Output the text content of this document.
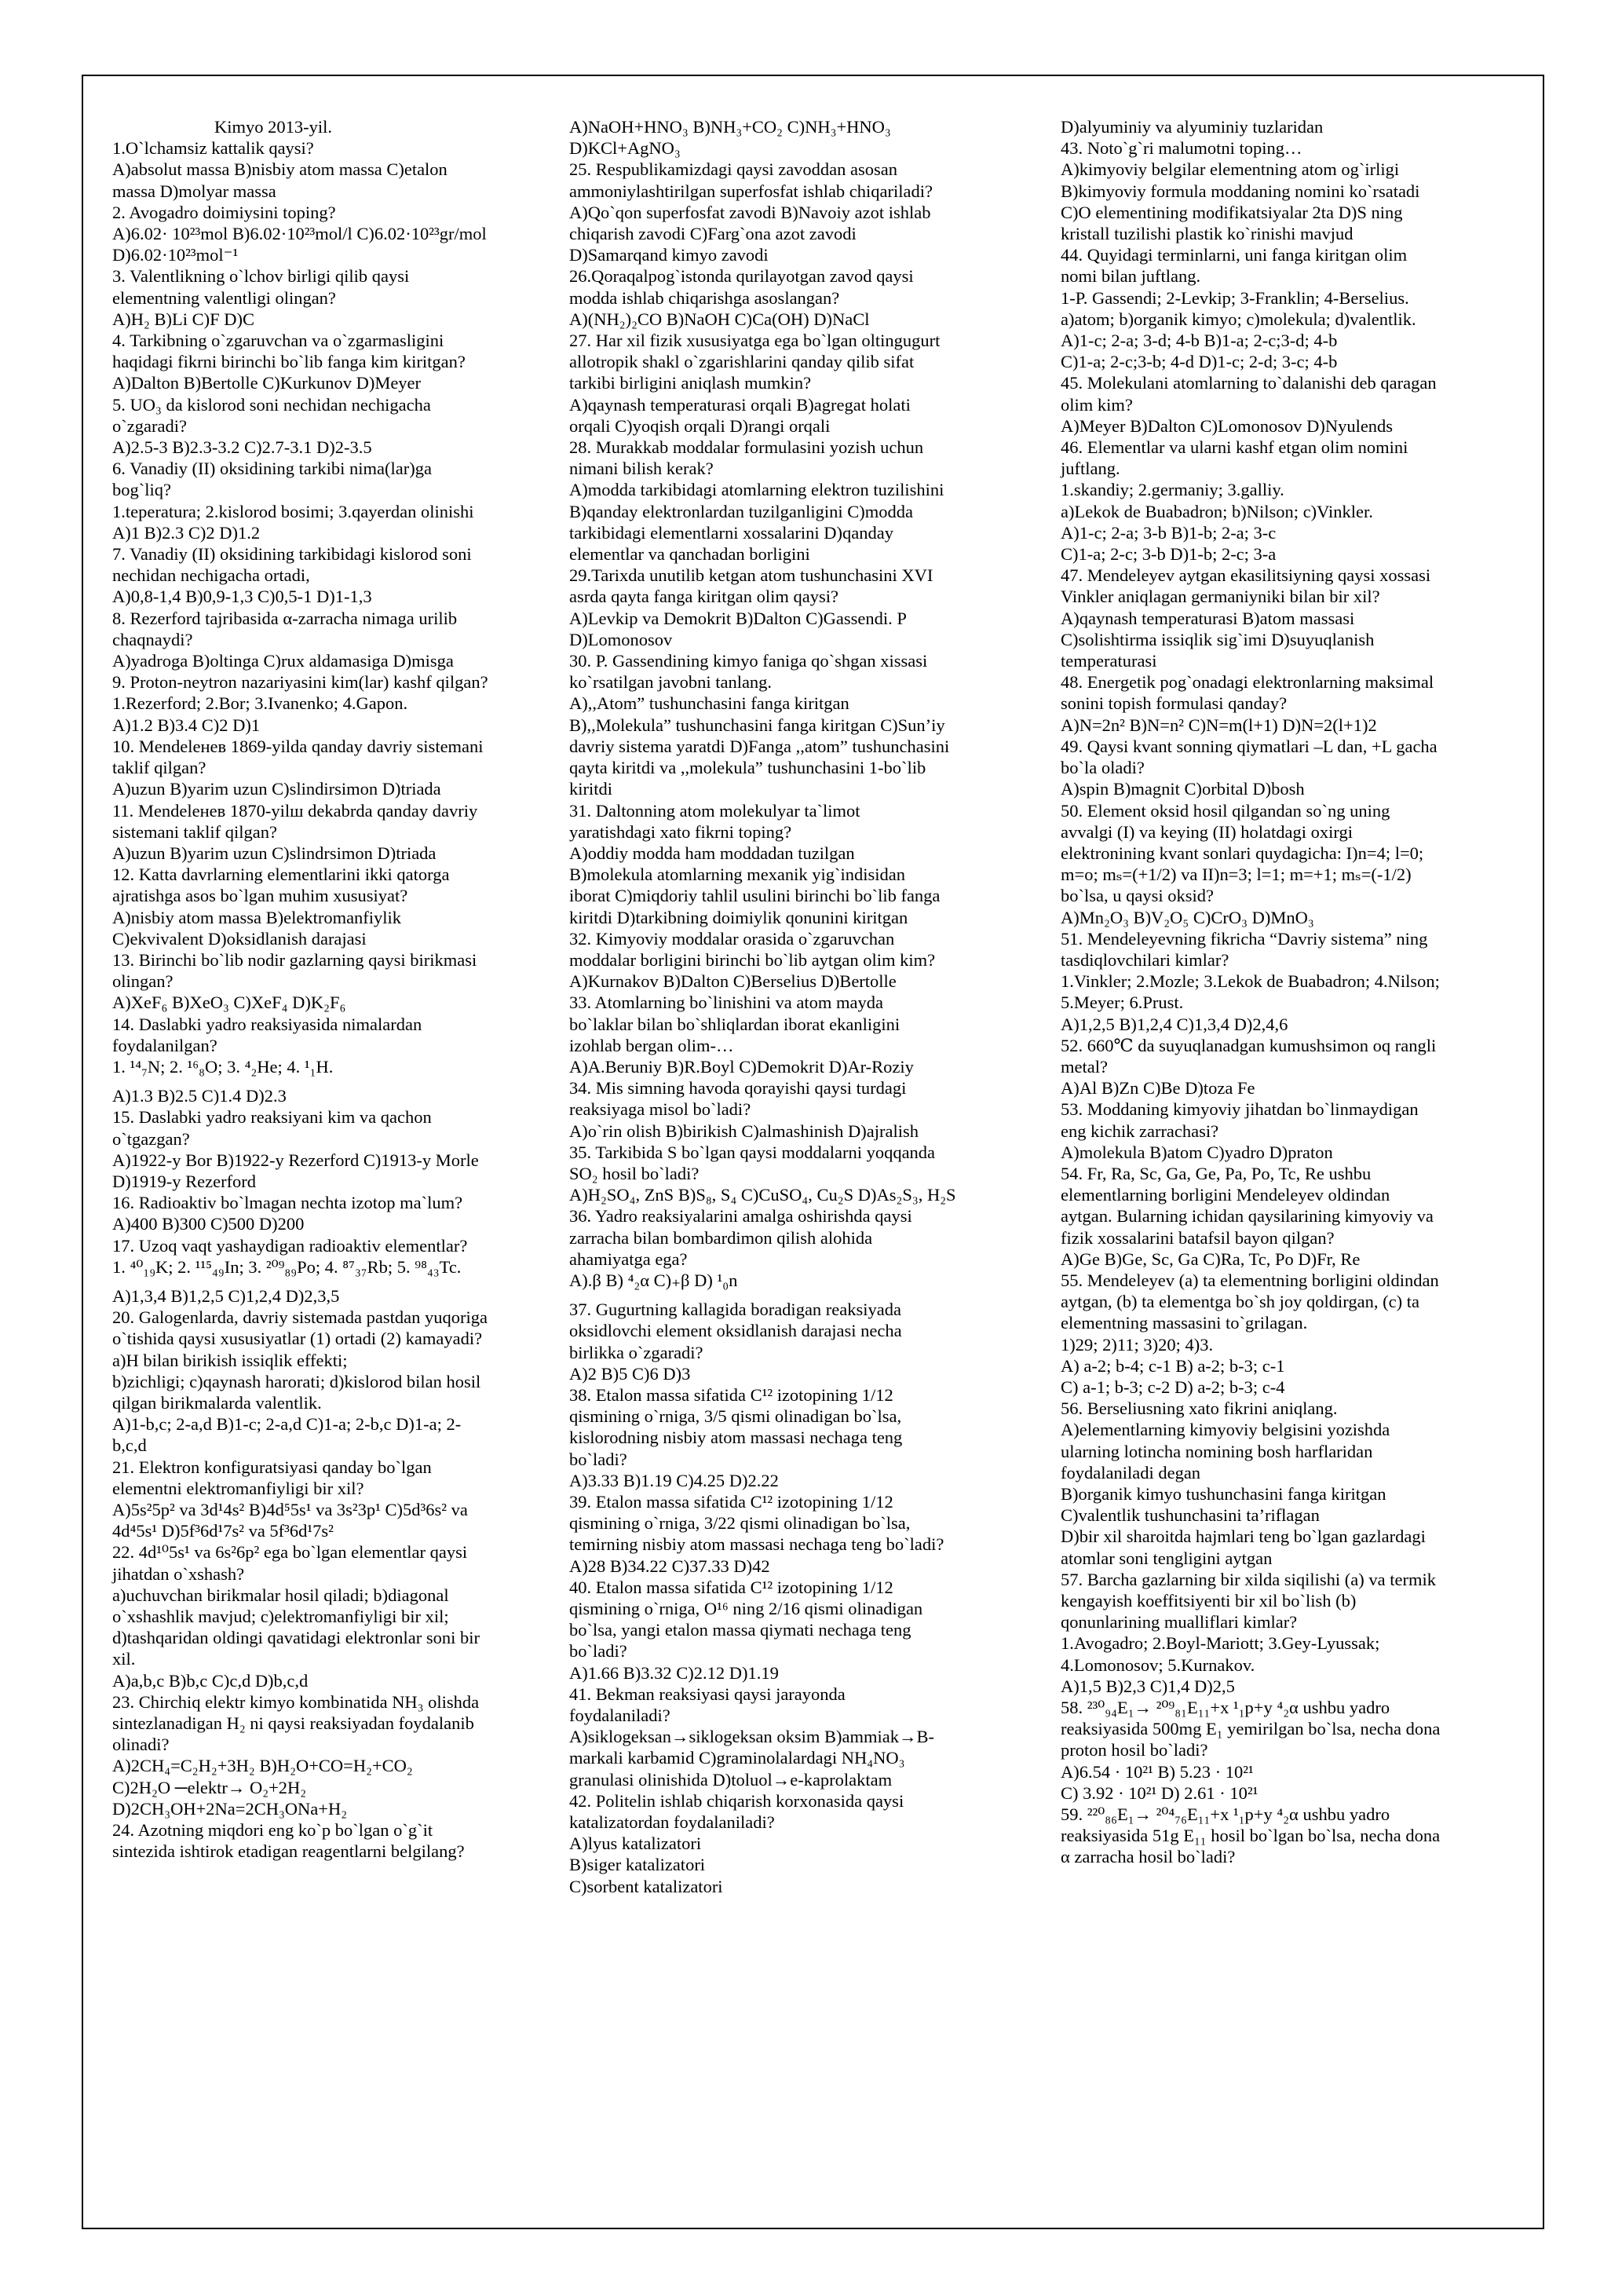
Kimyo 2013-yil.
1.O`lchamsiz kattalik qaysi?
A)absolut massa B)nisbiy atom massa C)etalon
massa D)molyar massa
2. Avogadro doimiysini toping?
A)6.02· 10²³mol B)6.02·10²³mol/l C)6.02·10²³gr/mol
D)6.02·10²³mol⁻¹
3. Valentlikning o`lchov birligi qilib qaysi
elementning valentligi olingan?
A)H₂ B)Li C)F D)C
4. Tarkibning o`zgaruvchan va o`zgarmasligini
haqidagi fikrni birinchi bo`lib fanga kim kiritgan?
A)Dalton B)Bertolle C)Kurkunov D)Meyer
5. UO₃ da kislorod soni nechidan nechigacha
o`zgaradi?
A)2.5-3 B)2.3-3.2 C)2.7-3.1 D)2-3.5
6. Vanadiy (II) oksidining tarkibi nima(lar)ga
bog`liq?
1.teperatura; 2.kislorod bosimi; 3.qayerdan olinishi
A)1 B)2.3 C)2 D)1.2
7. Vanadiy (II) oksidining tarkibidagi kislorod soni
nechidan nechigacha ortadi,
A)0,8-1,4 B)0,9-1,3 C)0,5-1 D)1-1,3
8. Rezerford tajribasida α-zarracha nimaga urilib
chaqnaydi?
A)yadroga B)oltinga C)rux aldamasiga D)misga
9. Proton-neytron nazariyasini kim(lar) kashf qilgan?
1.Rezerford; 2.Bor; 3.Ivanenko; 4.Gapon.
A)1.2 B)3.4 C)2 D)1
10. Mendeleнев 1869-yilda qanday davriy sistemani
taklif qilgan?
A)uzun B)yarim uzun C)slindirsimon D)triada
11. Mendeleнев 1870-yilш dekabrda qanday davriy
sistemani taklif qilgan?
A)uzun B)yarim uzun C)slindrsimon D)triada
12. Katta davrlarning elementlarini ikki qatorga
ajratishga asos bo`lgan muhim xususiyat?
A)nisbiy atom massa B)elektromanfiylik
C)ekvivalent D)oksidlanish darajasi
13. Birinchi bo`lib nodir gazlarning qaysi birikmasi
olingan?
A)XeF₆ B)XeO₃ C)XeF₄ D)K₂F₆
14. Daslabki yadro reaksiyasida nimalardan
foydalanilgan?
1. ¹⁴₇N; 2. ¹⁶₈O; 3. ⁴₂He; 4. ¹₁H.
A)1.3 B)2.5 C)1.4 D)2.3
15. Daslabki yadro reaksiyani kim va qachon
o`tgazgan?
A)1922-y Bor B)1922-y Rezerford C)1913-y Morle
D)1919-y Rezerford
16. Radioaktiv bo`lmagan nechta izotop ma`lum?
A)400 B)300 C)500 D)200
17. Uzoq vaqt yashaydigan radioaktiv elementlar?
1. ⁴⁰₁₉K; 2. ¹¹⁵₄₉In; 3. ²⁰⁹₈₉Po; 4. ⁸⁷₃₇Rb; 5. ⁹⁸₄₃Tc.
A)1,3,4 B)1,2,5 C)1,2,4 D)2,3,5
20. Galogenlarda, davriy sistemada pastdan yuqoriga
o`tishida qaysi xususiyatlar (1) ortadi (2) kamayadi?
a)H bilan birikish issiqlik effekti;
b)zichligi; c)qaynash harorati; d)kislorod bilan hosil
qilgan birikmalarda valentlik.
A)1-b,c; 2-a,d B)1-c; 2-a,d C)1-a; 2-b,c D)1-a; 2-
b,c,d
21. Elektron konfiguratsiyasi qanday bo`lgan
elementni elektromanfiyligi bir xil?
A)5s²5p² va 3d¹4s² B)4d⁵5s¹ va 3s²3p¹ C)5d³6s² va
4d⁴5s¹ D)5f³6d¹7s² va 5f³6d¹7s²
22. 4d¹⁰5s¹ va 6s²6p² ega bo`lgan elementlar qaysi
jihatdan o`xshash?
a)uchuvchan birikmalar hosil qiladi; b)diagonal
o`xshashlik mavjud; c)elektromanfiyligi bir xil;
d)tashqaridan oldingi qavatidagi elektronlar soni bir
xil.
A)a,b,c B)b,c C)c,d D)b,c,d
23. Chirchiq elektr kimyo kombinatida NH₃ olishda
sintezlanadigan H₂ ni qaysi reaksiyadan foydalanib
olinadi?
A)2CH₄=C₂H₂+3H₂ B)H₂O+CO=H₂+CO₂
C)2H₂O ─elektr→ O₂+2H₂
D)2CH₃OH+2Na=2CH₃ONa+H₂
24. Azotning miqdori eng ko`p bo`lgan o`g`it
sintezida ishtirok etadigan reagentlarni belgilang?
A)NaOH+HNO₃ B)NH₃+CO₂ C)NH₃+HNO₃
D)KCl+AgNO₃
25. Respublikamizdagi qaysi zavoddan asosan
ammoniylashtirilgan superfosfat ishlab chiqariladi?
A)Qo`qon superfosfat zavodi B)Navoiy azot ishlab
chiqarish zavodi C)Farg`ona azot zavodi
D)Samarqand kimyo zavodi
26.Qoraqalpog`istonda qurilayotgan zavod qaysi
modda ishlab chiqarishga asoslangan?
A)(NH₂)₂CO B)NaOH C)Ca(OH) D)NaCl
27. Har xil fizik xususiyatga ega bo`lgan oltingugurt
allotropik shakl o`zgarishlarini qanday qilib sifat
tarkibi birligini aniqlash mumkin?
A)qaynash temperaturasi orqali B)agregat holati
orqali C)yoqish orqali D)rangi orqali
28. Murakkab moddalar formulasini yozish uchun
nimani bilish kerak?
A)modda tarkibidagi atomlarning elektron tuzilishini
B)qanday elektronlardan tuzilganligini C)modda
tarkibidagi elementlarni xossalarini D)qanday
elementlar va qanchadan borligini
29.Tarixda unutilib ketgan atom tushunchasini XVI
asrda qayta fanga kiritgan olim qaysi?
A)Levkip va Demokrit B)Dalton C)Gassendi. P
D)Lomonosov
30. P. Gassendining kimyo faniga qo`shgan xissasi
ko`rsatilgan javobni tanlang.
A),,Atom” tushunchasini fanga kiritgan
B),,Molekula” tushunchasini fanga kiritgan C)Sun’iy
davriy sistema yaratdi D)Fanga ,,atom” tushunchasini
qayta kiritdi va ,,molekula” tushunchasini 1-bo`lib
kiritdi
31. Daltonning atom molekulyar ta`limot
yaratishdagi xato fikrni toping?
A)oddiy modda ham moddadan tuzilgan
B)molekula atomlarning mexanik yig`indisidan
iborat C)miqdoriy tahlil usulini birinchi bo`lib fanga
kiritdi D)tarkibning doimiylik qonunini kiritgan
32. Kimyoviy moddalar orasida o`zgaruvchan
moddalar borligini birinchi bo`lib aytgan olim kim?
A)Kurnakov B)Dalton C)Berselius D)Bertolle
33. Atomlarning bo`linishini va atom mayda
bo`laklar bilan bo`shliqlardan iborat ekanligini
izohlab bergan olim-…
A)A.Beruniy B)R.Boyl C)Demokrit D)Ar-Roziy
34. Mis simning havoda qorayishi qaysi turdagi
reaksiyaga misol bo`ladi?
A)o`rin olish B)birikish C)almashinish D)ajralish
35. Tarkibida S bo`lgan qaysi moddalarni yoqqanda
SO₂ hosil bo`ladi?
A)H₂SO₄, ZnS B)S₈, S₄ C)CuSO₄, Cu₂S D)As₂S₃, H₂S
36. Yadro reaksiyalarini amalga oshirishda qaysi
zarracha bilan bombardimon qilish alohida
ahamiyatga ega?
A).β B) ⁴₂α C)₊β D) ¹₀n
37. Gugurtning kallagida boradigan reaksiyada
oksidlovchi element oksidlanish darajasi necha
birlikka o`zgaradi?
A)2 B)5 C)6 D)3
38. Etalon massa sifatida C¹² izotopining 1/12
qismining o`rniga, 3/5 qismi olinadigan bo`lsa,
kislorodning nisbiy atom massasi nechaga teng
bo`ladi?
A)3.33 B)1.19 C)4.25 D)2.22
39. Etalon massa sifatida C¹² izotopining 1/12
qismining o`rniga, 3/22 qismi olinadigan bo`lsa,
temirning nisbiy atom massasi nechaga teng bo`ladi?
A)28 B)34.22 C)37.33 D)42
40. Etalon massa sifatida C¹² izotopining 1/12
qismining o`rniga, O¹⁶ ning 2/16 qismi olinadigan
bo`lsa, yangi etalon massa qiymati nechaga teng
bo`ladi?
A)1.66 B)3.32 C)2.12 D)1.19
41. Bekman reaksiyasi qaysi jarayonda
foydalaniladi?
A)siklogeksan→siklogeksan oksim B)ammiak→B-
markali karbamid C)graminolalardagi NH₄NO₃
granulasi olinishida D)toluol→e-kaprolaktam
42. Politelin ishlab chiqarish korxonasida qaysi
katalizatordan foydalaniladi?
A)lyus katalizatori
B)siger katalizatori
C)sorbent katalizatori
D)alyuminiy va alyuminiy tuzlaridan
43. Noto`g`ri malumotni toping…
A)kimyoviy belgilar elementning atom og`irligi
B)kimyoviy formula moddaning nomini ko`rsatadi
C)O elementining modifikatsiyalar 2ta D)S ning
kristall tuzilishi plastik ko`rinishi mavjud
44. Quyidagi terminlarni, uni fanga kiritgan olim
nomi bilan juftlang.
1-P. Gassendi; 2-Levkip; 3-Franklin; 4-Berselius.
a)atom; b)organik kimyo; c)molekula; d)valentlik.
A)1-c; 2-a; 3-d; 4-b B)1-a; 2-c;3-d; 4-b
C)1-a; 2-c;3-b; 4-d D)1-c; 2-d; 3-c; 4-b
45. Molekulani atomlarning to`dalanishi deb qaragan
olim kim?
A)Meyer B)Dalton C)Lomonosov D)Nyulends
46. Elementlar va ularni kashf etgan olim nomini
juftlang.
1.skandiy; 2.germaniy; 3.galliy.
a)Lekok de Buabadron; b)Nilson; c)Vinkler.
A)1-c; 2-a; 3-b B)1-b; 2-a; 3-c
C)1-a; 2-c; 3-b D)1-b; 2-c; 3-a
47. Mendeleyev aytgan ekasilitsiyning qaysi xossasi
Vinkler aniqlagan germaniyniki bilan bir xil?
A)qaynash temperaturasi B)atom massasi
C)solishtirma issiqlik sig`imi D)suyuqlanish
temperaturasi
48. Energetik pog`onadagi elektronlarning maksimal
sonini topish formulasi qanday?
A)N=2n² B)N=n² C)N=m(l+1) D)N=2(l+1)2
49. Qaysi kvant sonning qiymatlari –L dan, +L gacha
bo`la oladi?
A)spin B)magnit C)orbital D)bosh
50. Element oksid hosil qilgandan so`ng uning
avvalgi (I) va keying (II) holatdagi oxirgi
elektronining kvant sonlari quydagicha: I)n=4; l=0;
m=o; mₛ=(+1/2) va II)n=3; l=1; m=+1; mₛ=(-1/2)
bo`lsa, u qaysi oksid?
A)Mn₂O₃ B)V₂O₅ C)CrO₃ D)MnO₃
51. Mendeleyevning fikricha “Davriy sistema” ning
tasdiqlovchilari kimlar?
1.Vinkler; 2.Mozle; 3.Lekok de Buabadron; 4.Nilson;
5.Meyer; 6.Prust.
A)1,2,5 B)1,2,4 C)1,3,4 D)2,4,6
52. 660℃ da suyuqlanadgan kumushsimon oq rangli
metal?
A)Al B)Zn C)Be D)toza Fe
53. Moddaning kimyoviy jihatdan bo`linmaydigan
eng kichik zarrachasi?
A)molekula B)atom C)yadro D)praton
54. Fr, Ra, Sc, Ga, Ge, Pa, Po, Tc, Re ushbu
elementlarning borligini Mendeleyev oldindan
aytgan. Bularning ichidan qaysilarining kimyoviy va
fizik xossalarini batafsil bayon qilgan?
A)Ge B)Ge, Sc, Ga C)Ra, Tc, Po D)Fr, Re
55. Mendeleyev (a) ta elementning borligini oldindan
aytgan, (b) ta elementga bo`sh joy qoldirgan, (c) ta
elementning massasini to`grilagan.
1)29; 2)11; 3)20; 4)3.
A) a-2; b-4; c-1 B) a-2; b-3; c-1
C) a-1; b-3; c-2 D) a-2; b-3; c-4
56. Berseliusning xato fikrini aniqlang.
A)elementlarning kimyoviy belgisini yozishda
ularning lotincha nomining bosh harflaridan
foydalaniladi degan
B)organik kimyo tushunchasini fanga kiritgan
C)valentlik tushunchasini ta’riflagan
D)bir xil sharoitda hajmlari teng bo`lgan gazlardagi
atomlar soni tengligini aytgan
57. Barcha gazlarning bir xilda siqilishi (a) va termik
kengayish koeffitsiyenti bir xil bo`lish (b)
qonunlarining mualliflari kimlar?
1.Avogadro; 2.Boyl-Mariott; 3.Gey-Lyussak;
4.Lomonosov; 5.Kurnakov.
A)1,5 B)2,3 C)1,4 D)2,5
58. ²³⁰₉₄E₁→ ²⁰⁹₈₁E₁₁+x ¹₁p+y ⁴₂α ushbu yadro
reaksiyasida 500mg E₁ yemirilgan bo`lsa, necha dona
proton hosil bo`ladi?
A)6.54 · 10²¹ B) 5.23 · 10²¹
C) 3.92 · 10²¹ D) 2.61 · 10²¹
59. ²²⁰₈₆E₁→ ²⁰⁴₇₆E₁₁+x ¹₁p+y ⁴₂α ushbu yadro
reaksiyasida 51g E₁₁ hosil bo`lgan bo`lsa, necha dona
α zarracha hosil bo`ladi?
